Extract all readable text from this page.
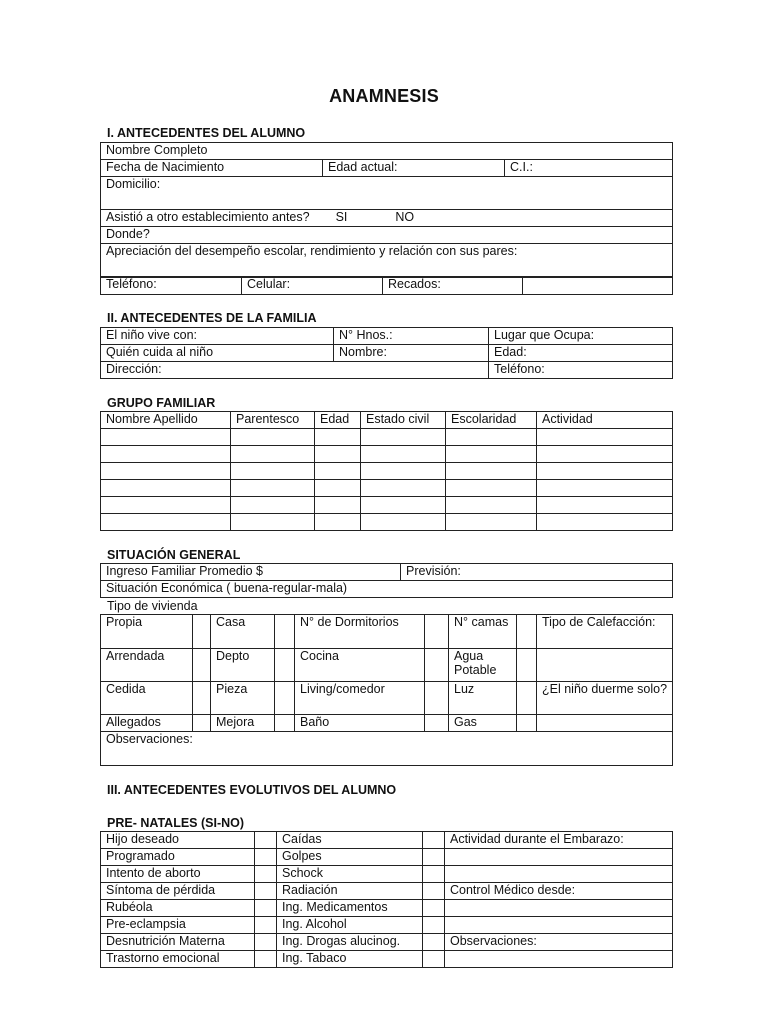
ANAMNESIS
I. ANTECEDENTES DEL ALUMNO
Nombre Completo
Fecha de Nacimiento	Edad actual:	C.I.:
Domicilio:
Asistió a otro establecimiento antes? SI	NO
Donde?
Apreciación del desempeño escolar, rendimiento y relación con sus pares:
Teléfono:	Celular:	Recados:	
II. ANTECEDENTES DE LA FAMILIA
El niño vive con:	N° Hnos.:	Lugar que Ocupa:
Quién cuida al niño	Nombre:	Edad:
Dirección:		Teléfono:
GRUPO FAMILIAR
Nombre Apellido	Parentesco	Edad	Estado civil	Escolaridad	Actividad

SITUACIÓN GENERAL
Ingreso Familiar Promedio $	Previsión:
Situación Económica ( buena-regular-mala)
Tipo de vivienda
Propia		Casa		N° de Dormitorios		N° camas		Tipo de Calefacción:
Arrendada		Depto		Cocina		Agua Potable		
Cedida		Pieza		Living/comedor		Luz		¿El niño duerme solo?
Allegados		Mejora		Baño		Gas		
Observaciones:								
III. ANTECEDENTES EVOLUTIVOS DEL ALUMNO
PRE- NATALES (SI-NO)
Hijo deseado		Caídas		Actividad durante el Embarazo:
Programado		Golpes		
Intento de aborto		Schock		
Síntoma de pérdida		Radiación		Control Médico desde:
Rubéola		Ing. Medicamentos		
Pre-eclampsia		Ing. Alcohol		
Desnutrición Materna		Ing. Drogas alucinog.		Observaciones:
Trastorno emocional		Ing. Tabaco		
